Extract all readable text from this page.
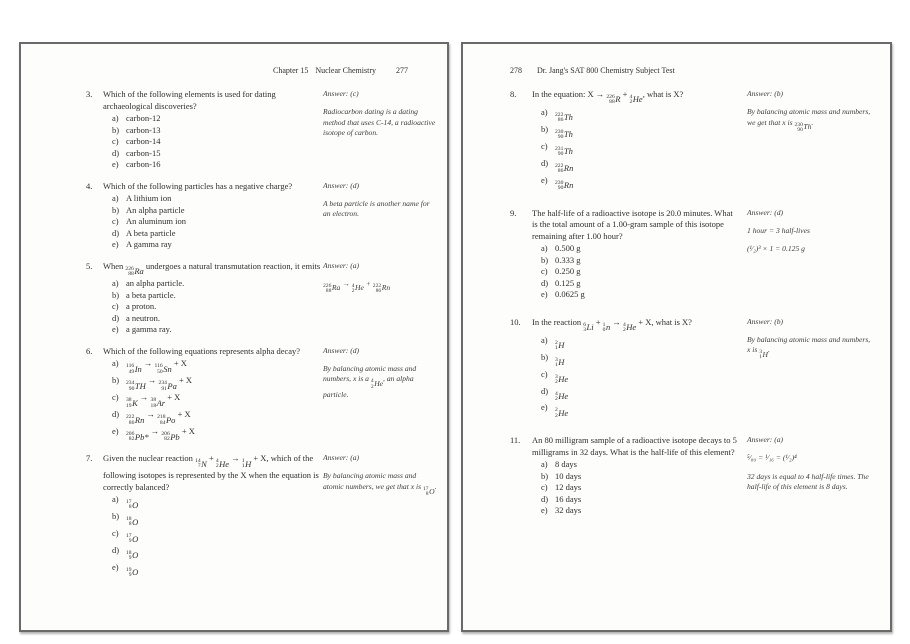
Chapter 15 Nuclear Chemistry	277
3.	Which of the following elements is used for dating archaeological discoveries?
a) carbon-12
b) carbon-13
c) carbon-14
d) carbon-15
e) carbon-16
Answer: (c)
Radiocarbon dating is a dating method that uses C-14, a radioactive isotope of carbon.
4.	Which of the following particles has a negative charge?
a) A lithium ion
b) An alpha particle
c) An aluminum ion
d) A beta particle
e) A gamma ray
Answer: (d)
A beta particle is another name for an electron.
5.	When 226
88 Ra
undergoes a natural transmutation reaction, it emits
a) an alpha particle.
b) a beta particle.
c) a proton.
d) a neutron.
e) a gamma ray.
Answer: (a)
226
88 Ra
→ 4
2 He
+ 222
86 Rn
6.	Which of the following equations represents alpha decay?
a)	116
49 In
→ 116
50 Sn
+ X
b)	234
90 TH
→ 234
91 Pa
+ X
c)	38
19 K
→ 38
18 Ar
+ X
d)	222
86 Rn
→ 218
84 Po
+ X
e)	206
82 Pb*
→ 206
82 Pb
+ X
Answer: (d)
By balancing atomic mass and numbers, x is a 4
2 He
, an alpha particle.
7.	Given the nuclear reaction 14
7 N
+ 4
2 He
→ 1
1 H
+ X, which of the following isotopes is represented by the X when the equation is correctly balanced?
a)	17
8 O
b)	18
8 O
c)	17
9 O
d)	18
9 O
e)	19
9 O
Answer: (a)
By balancing atomic mass and atomic numbers, we get that x is 17
8 O
.
278 Dr. Jang's SAT 800 Chemistry Subject Test
8.	In the equation: X → 226
88 R
+ 4
2 He
, what is X?
a)	222
86 Th
b)	230
90 Th
c)	231
90 Th
d)	222
86 Rn
e)	230
90 Rn
Answer: (b)
By balancing atomic mass and numbers, we get that x is 230
90 Th
.
9.	The half-life of a radioactive isotope is 20.0 minutes. What is the total amount of a 1.00-gram sample of this isotope remaining after 1.00 hour?
a) 0.500 g
b) 0.333 g
c) 0.250 g
d) 0.125 g
e) 0.0625 g
Answer: (d)
1 hour = 3 half-lives
(¹⁄₂)³ × 1 = 0.125 g
10.	In the reaction 6
3 Li
+ 1
0 n
→ 4
2 He
+ X, what is X?
a)	2
1 H
b)	3
1 H
c)	3
2 He
d)	4
2 He
e)	2
2 He
Answer: (b)
By balancing atomic mass and numbers, x is 3
1 H
.
11.	An 80 milligram sample of a radioactive isotope decays to 5 milligrams in 32 days. What is the half-life of this element?
a) 8 days
b) 10 days
c) 12 days
d) 16 days
e) 32 days
Answer: (a)
⁵⁄₈₀ = ¹⁄₁₆ = (¹⁄₂)⁴
32 days is equal to 4 half-life times. The half-life of this element is 8 days.
